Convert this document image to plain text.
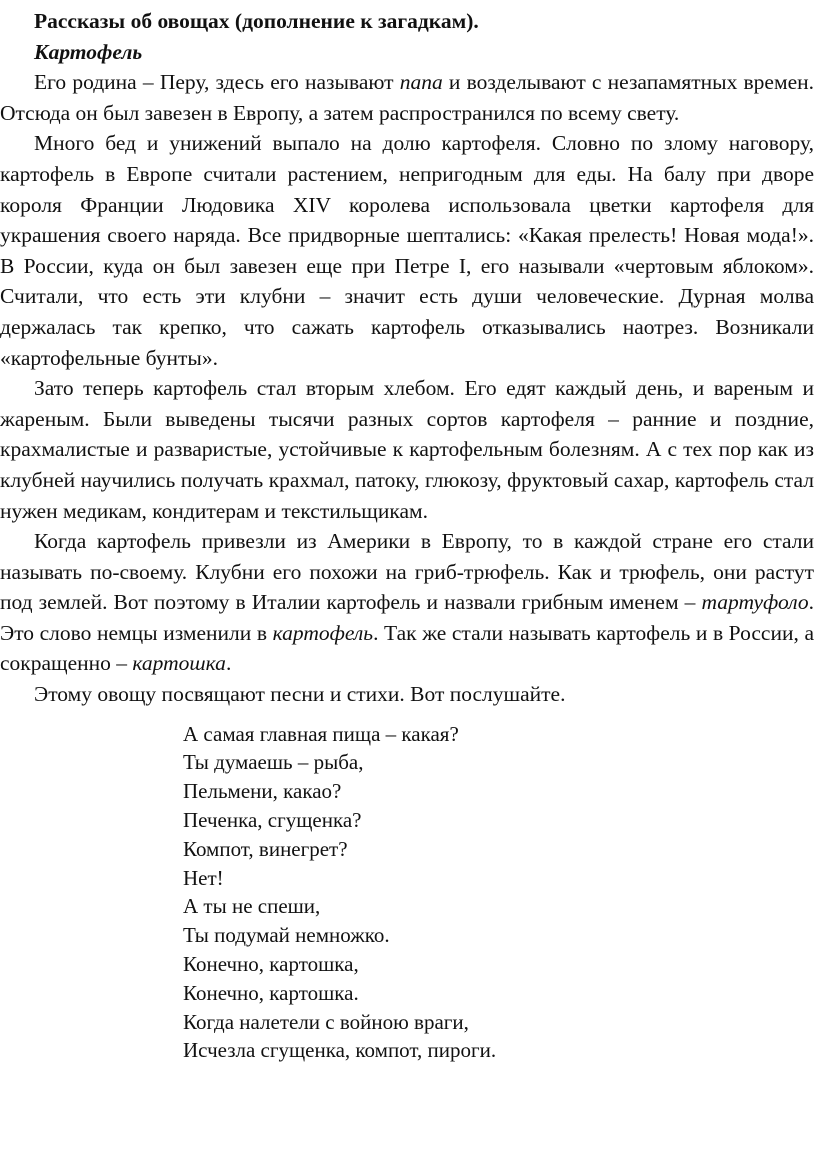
Рассказы об овощах (дополнение к загадкам).

Картофель

Его родина – Перу, здесь его называют папа и возделывают с незапамятных времен. Отсюда он был завезен в Европу, а затем распространился по всему свету.

Много бед и унижений выпало на долю картофеля. Словно по злому наговору, картофель в Европе считали растением, непригодным для еды. На балу при дворе короля Франции Людовика XIV королева использовала цветки картофеля для украшения своего наряда. Все придворные шептались: «Какая прелесть! Новая мода!». В России, куда он был завезен еще при Петре I, его называли «чертовым яблоком». Считали, что есть эти клубни – значит есть души человеческие. Дурная молва держалась так крепко, что сажать картофель отказывались наотрез. Возникали «картофельные бунты».

Зато теперь картофель стал вторым хлебом. Его едят каждый день, и вареным и жареным. Были выведены тысячи разных сортов картофеля – ранние и поздние, крахмалистые и разваристые, устойчивые к картофельным болезням. А с тех пор как из клубней научились получать крахмал, патоку, глюкозу, фруктовый сахар, картофель стал нужен медикам, кондитерам и текстильщикам.

Когда картофель привезли из Америки в Европу, то в каждой стране его стали называть по-своему. Клубни его похожи на гриб-трюфель. Как и трюфель, они растут под землей. Вот поэтому в Италии картофель и назвали грибным именем – тартуфоло. Это слово немцы изменили в картофель. Так же стали называть картофель и в России, а сокращенно – картошка.

Этому овощу посвящают песни и стихи. Вот послушайте.

А самая главная пища – какая?
Ты думаешь – рыба,
Пельмени, какао?
Печенка, сгущенка?
Компот, винегрет?
Нет!
А ты не спеши,
Ты подумай немножко.
Конечно, картошка,
Конечно, картошка.
Когда налетели с войною враги,
Исчезла сгущенка, компот, пироги.
